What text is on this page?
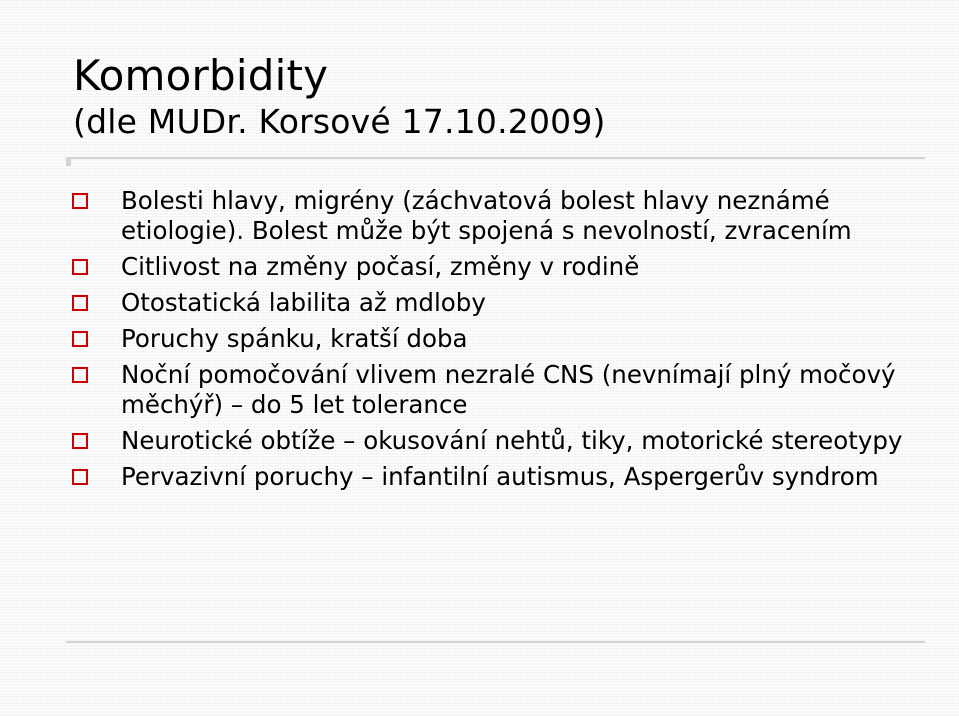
Komorbidity
(dle MUDr. Korsové 17.10.2009)
Bolesti hlavy, migrény (záchvatová bolest hlavy neznámé etiologie). Bolest může být spojená s nevolností, zvracením
Citlivost na změny počasí, změny v rodině
Otostatická labilita až mdloby
Poruchy spánku, kratší doba
Noční pomočování vlivem nezralé CNS (nevnímají plný močový měchýř) – do 5 let tolerance
Neurotické obtíže – okusování nehtů, tiky, motorické stereotypy
Pervazivní poruchy – infantilní autismus, Aspergerův syndrom
